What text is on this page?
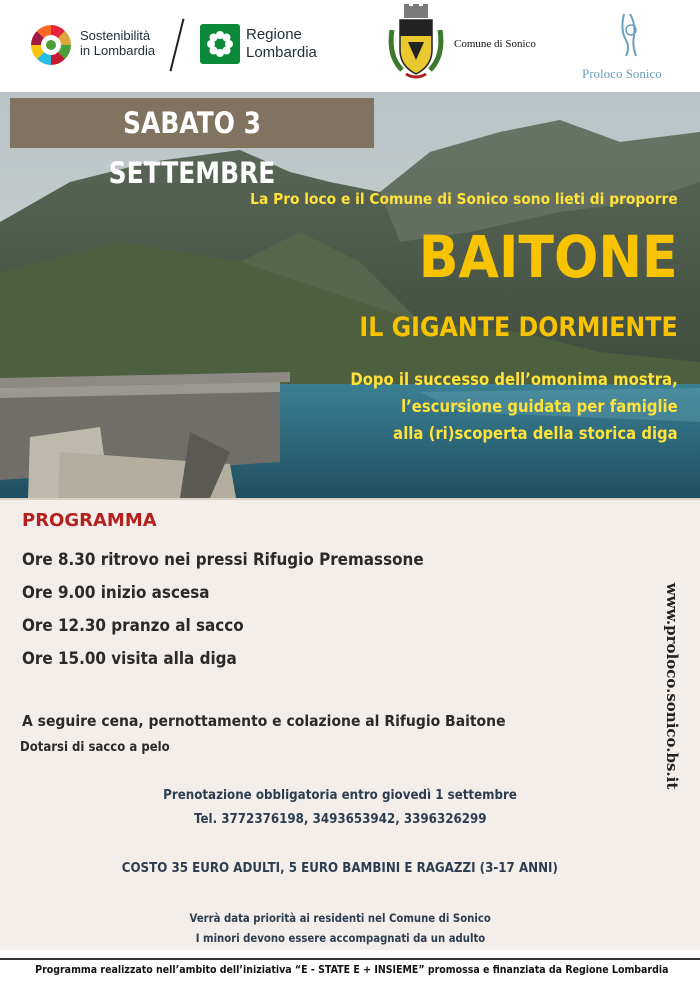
Sostenibilità
in Lombardia
Regione
Lombardia	Comune di Sonico
Proloco Sonico
SABATO 3 SETTEMBRE
La Pro loco e il Comune di Sonico sono lieti di proporre
BAITONE
IL GIGANTE DORMIENTE
Dopo il successo dell’omonima mostra,
l’escursione guidata per famiglie
alla (ri)scoperta della storica diga
PROGRAMMA
Ore 8.30 ritrovo nei pressi Rifugio Premassone
Ore 9.00 inizio ascesa
Ore 12.30 pranzo al sacco
Ore 15.00 visita alla diga
A seguire cena, pernottamento e colazione al Rifugio Baitone
Dotarsi di sacco a pelo
Prenotazione obbligatoria entro giovedì 1 settembre
Tel. 3772376198, 3493653942, 3396326299
COSTO 35 EURO ADULTI, 5 EURO BAMBINI E RAGAZZI (3-17 ANNI)
Verrà data priorità ai residenti nel Comune di Sonico
I minori devono essere accompagnati da un adulto
www.proloco.sonico.bs.it
Programma realizzato nell’ambito dell’iniziativa “E - STATE E + INSIEME” promossa e finanziata da Regione Lombardia
